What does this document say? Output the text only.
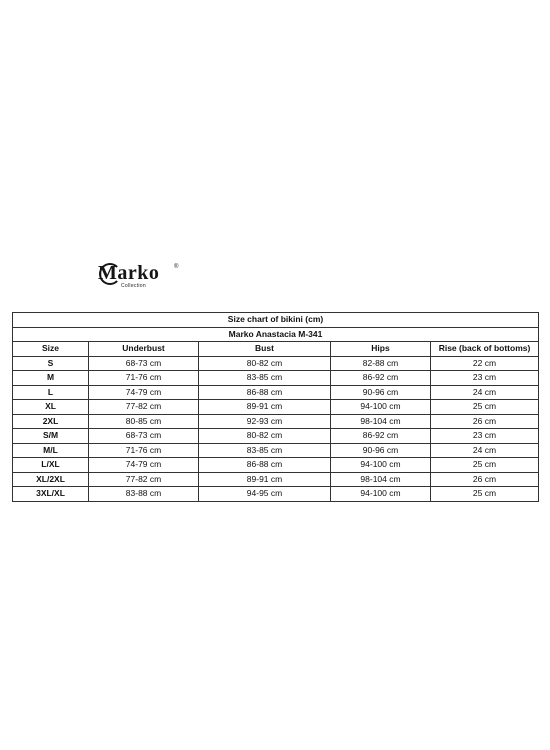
Marko ®
Collection
Size chart of bikini (cm)				
Marko Anastacia M-341				
Size	Underbust	Bust	Hips	Rise (back of bottoms)
S	68-73 cm	80-82 cm	82-88 cm	22 cm
M	71-76 cm	83-85 cm	86-92 cm	23 cm
L	74-79 cm	86-88 cm	90-96 cm	24 cm
XL	77-82 cm	89-91 cm	94-100 cm	25 cm
2XL	80-85 cm	92-93 cm	98-104 cm	26 cm
S/M	68-73 cm	80-82 cm	86-92 cm	23 cm
M/L	71-76 cm	83-85 cm	90-96 cm	24 cm
L/XL	74-79 cm	86-88 cm	94-100 cm	25 cm
XL/2XL	77-82 cm	89-91 cm	98-104 cm	26 cm
3XL/XL	83-88 cm	94-95 cm	94-100 cm	25 cm
